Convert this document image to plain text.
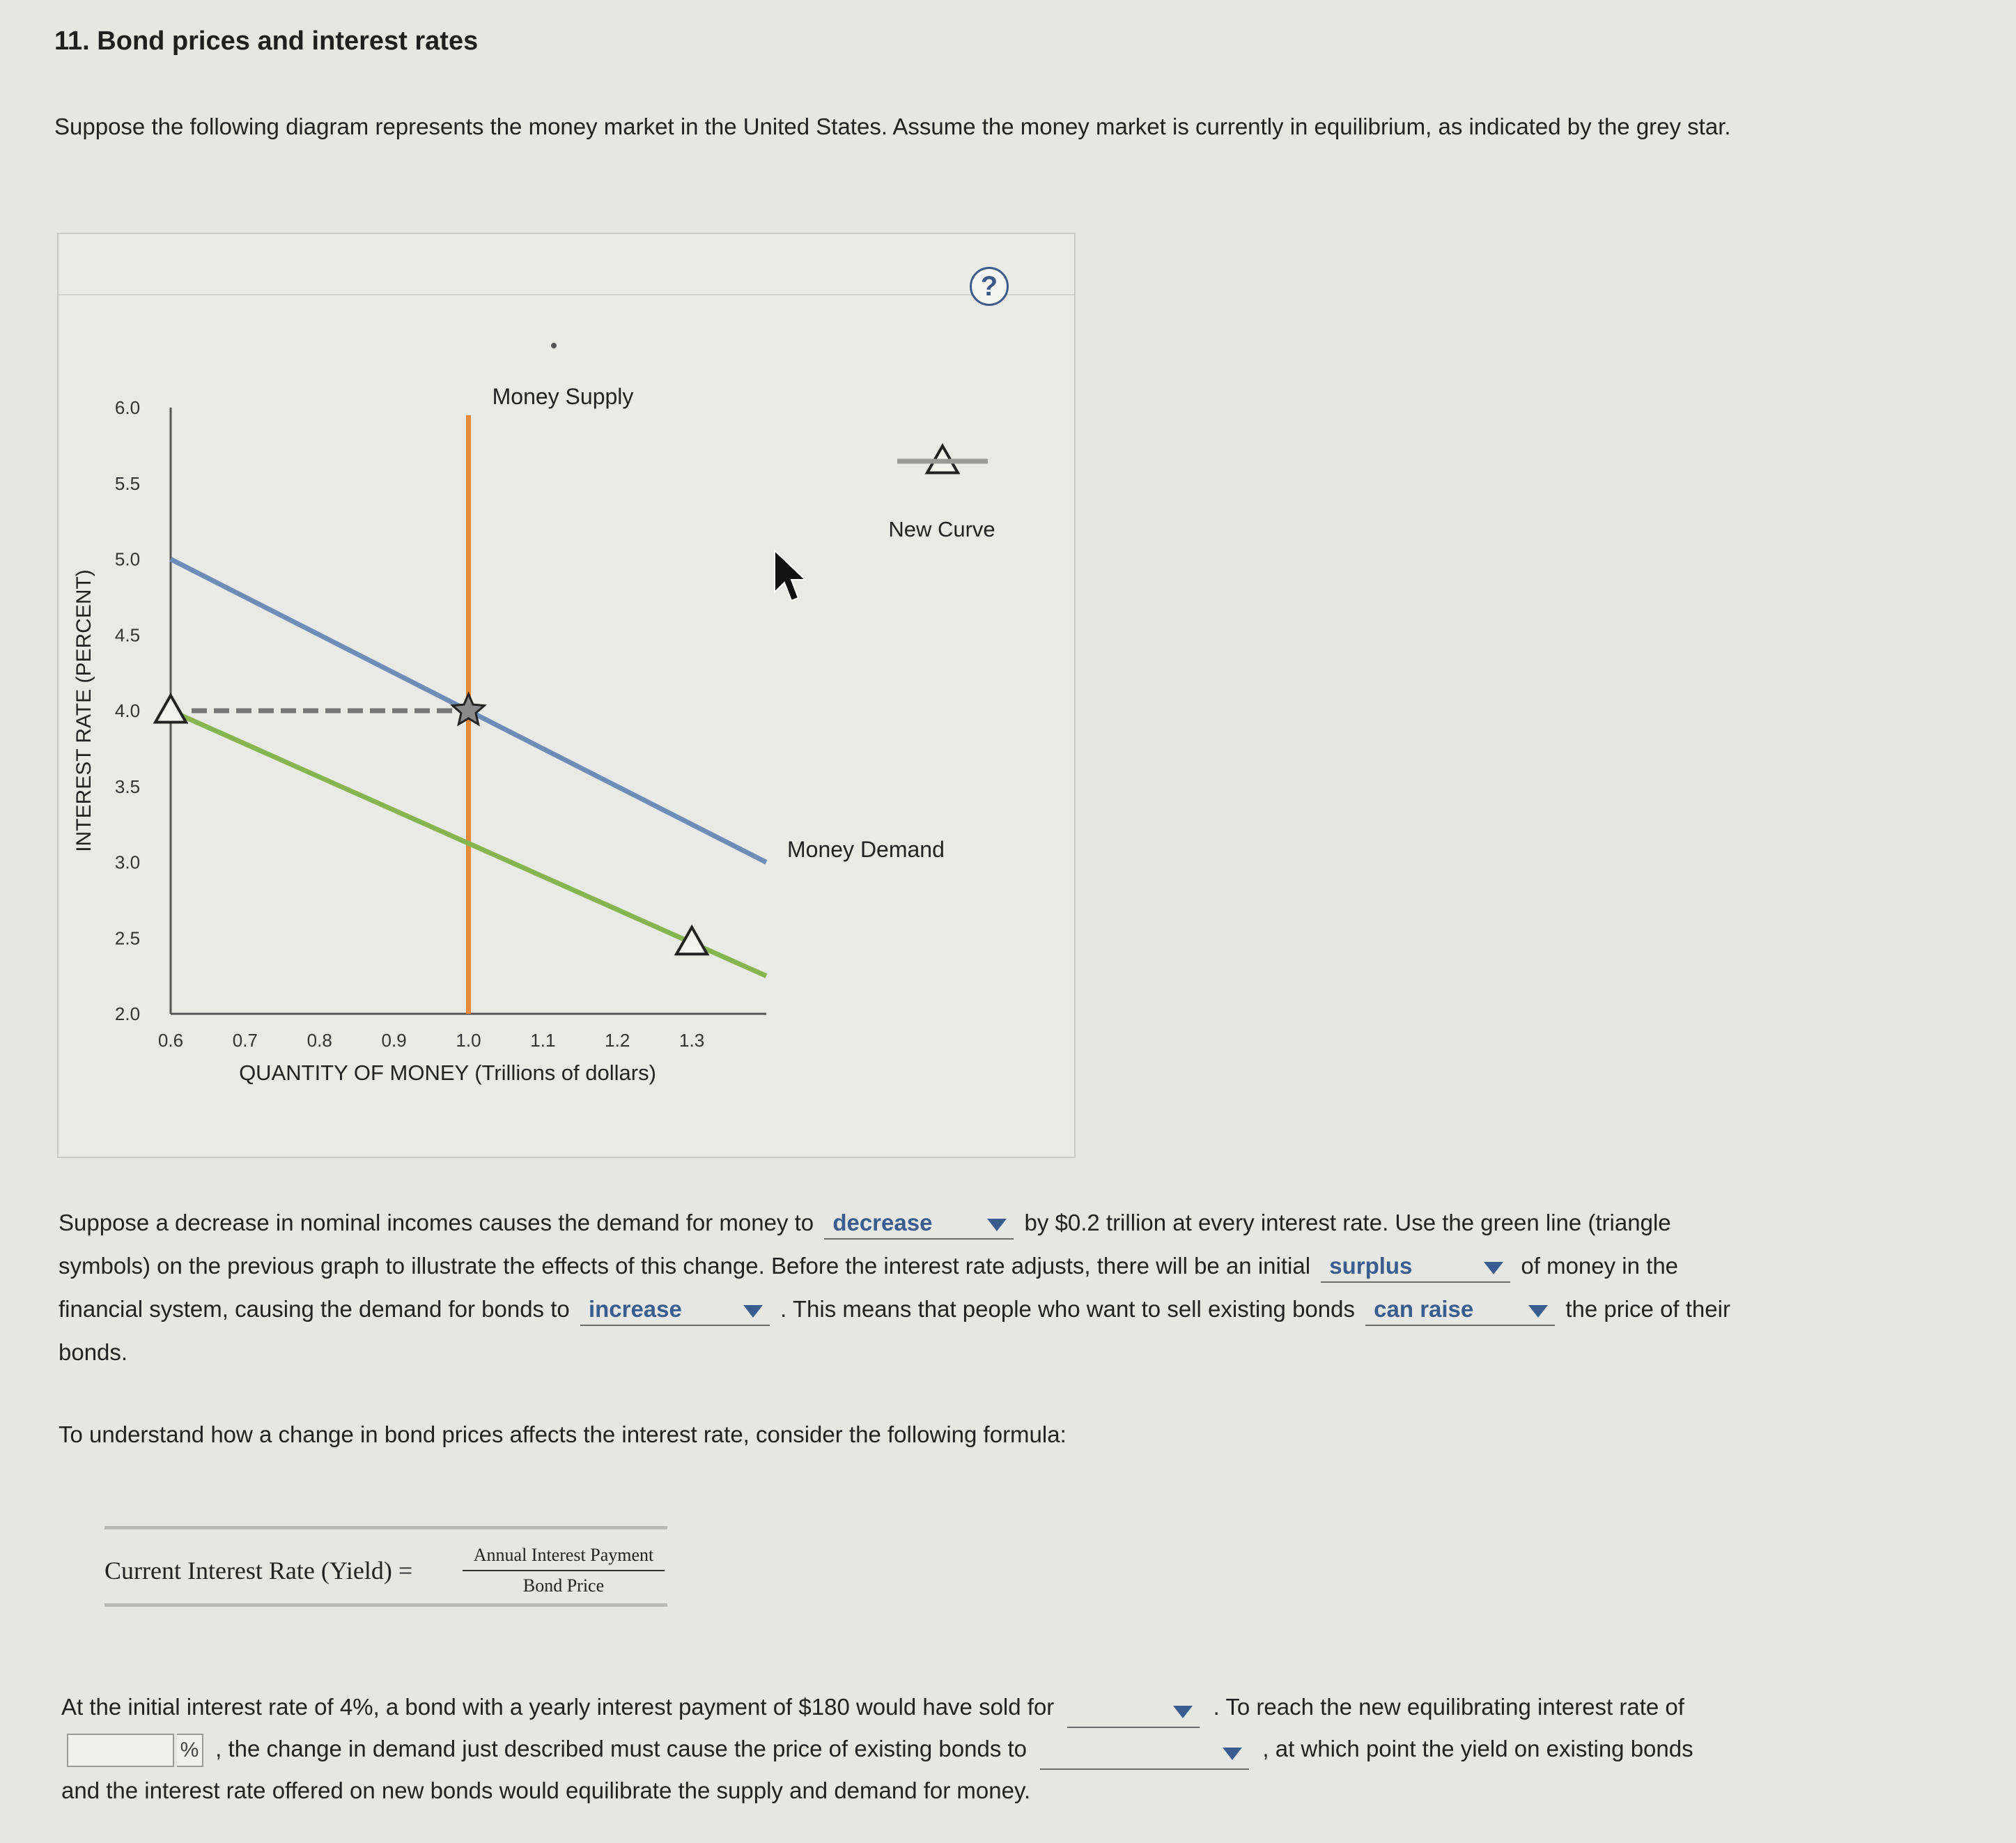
11. Bond prices and interest rates
Suppose the following diagram represents the money market in the United States. Assume the money market is currently in equilibrium, as indicated by the grey star.
?
6.0
5.5
5.0
4.5
4.0
3.5
3.0
2.5
2.0
0.6	0.7	0.8	0.9	1.0	1.1	1.2	1.3
INTEREST RATE (PERCENT)
QUANTITY OF MONEY (Trillions of dollars)
Money Supply
Money Demand
New Curve
Suppose a decrease in nominal incomes causes the demand for money to decrease	by $0.2 trillion at every interest rate. Use the green line (triangle symbols) on the previous graph to illustrate the effects of this change. Before the interest rate adjusts, there will be an initial surplus	of money in the financial system, causing the demand for bonds to increase	. This means that people who want to sell existing bonds can raise	the price of their bonds.
To understand how a change in bond prices affects the interest rate, consider the following formula:
Current Interest Rate (Yield) =
Annual Interest Payment
Bond Price
At the initial interest rate of 4%, a bond with a yearly interest payment of $180 would have sold for	. To reach the new equilibrating interest rate of % , the change in demand just described must cause the price of existing bonds to	, at which point the yield on existing bonds and the interest rate offered on new bonds would equilibrate the supply and demand for money.
